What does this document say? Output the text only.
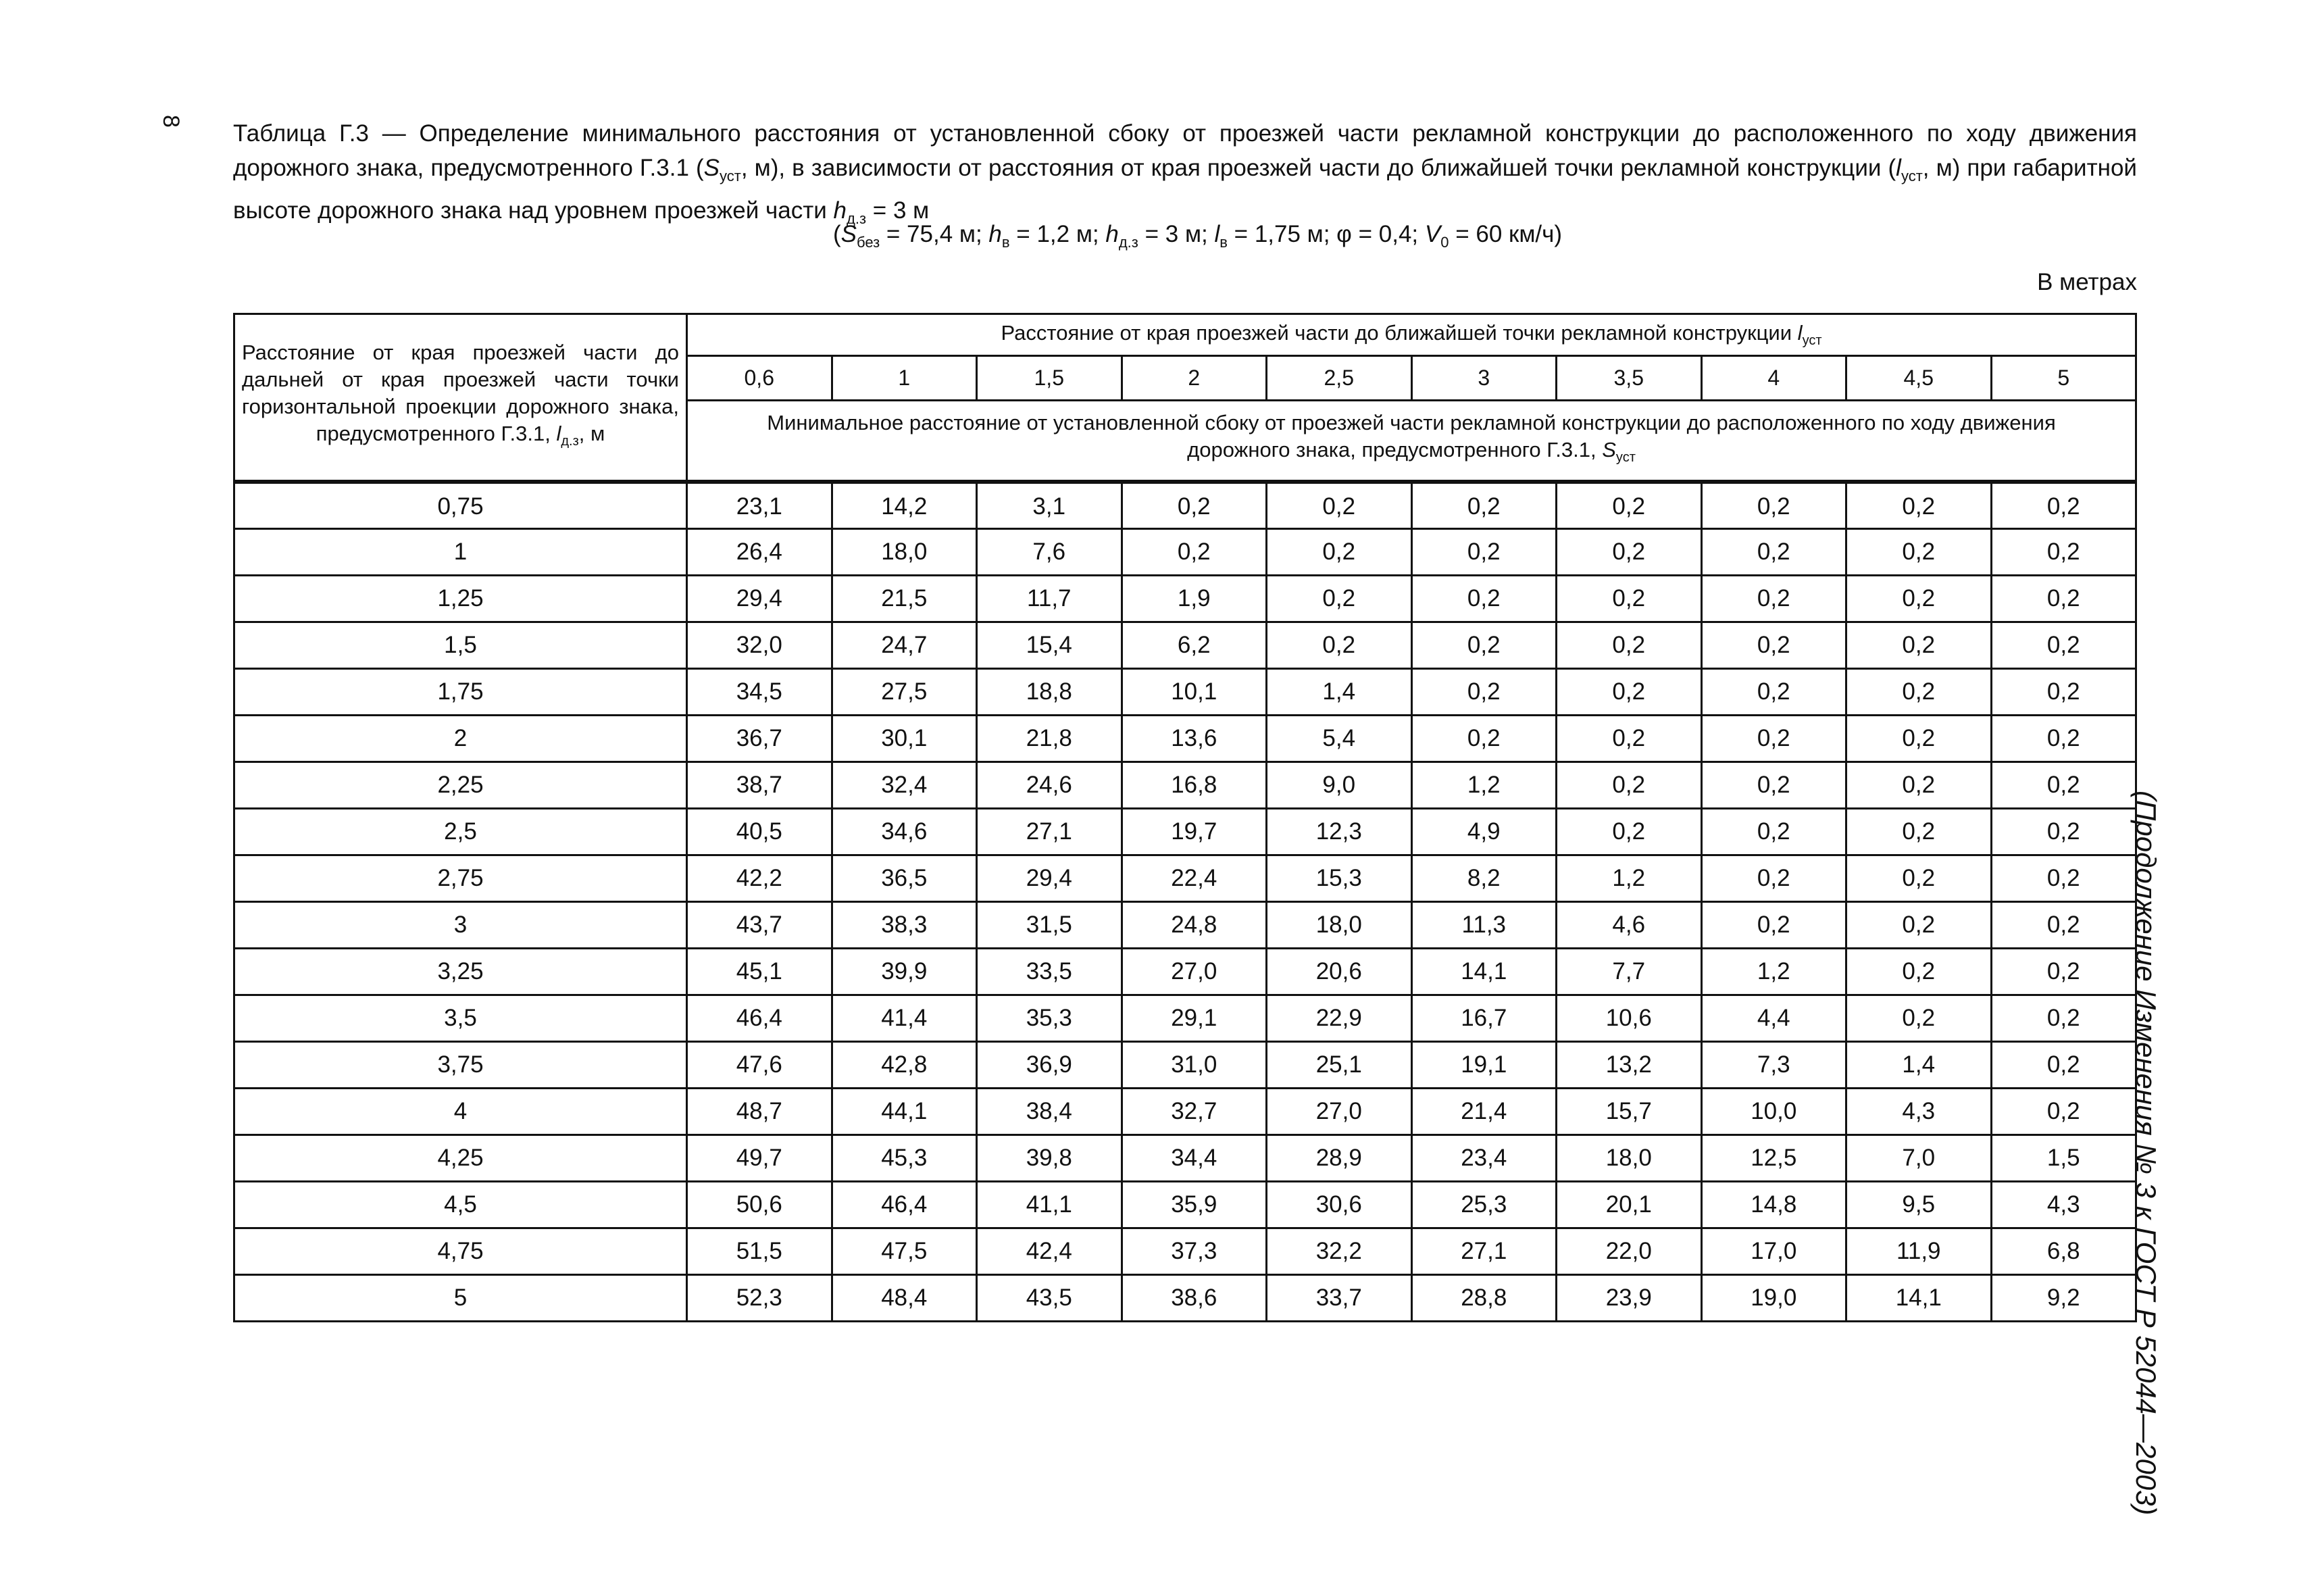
8 Таблица Г.3 — Определение минимального расстояния от установленной сбоку от проезжей части рекламной конструкции до расположенного по ходу движения дорожного знака, предусмотренного Г.3.1 ($S_{уст}$, м), в зависимости от расстояния от края проезжей части до ближайшей точки рекламной конструкции ($l_{уст}$, м) при габаритной высоте дорожного знака над уровнем проезжей части $h_{д.з} = 3$ м
($S_{без} = 75,4$ м; $h_в = 1,2$ м; $h_{д.з} = 3$ м; $l_в = 1,75$ м; φ = 0,4; $V_0 = 60$ км/ч)
В метрах
Расстояние от края проезжей части до дальней от края проезжей части точки горизонтальной проекции дорожного знака, предусмотренного Г.3.1, $l_{д.з}$, м	Расстояние от края проезжей части до ближайшей точки рекламной конструкции $l_{уст}$
	0,6	1	1,5	2	2,5	3	3,5	4	4,5	5
	Минимальное расстояние от установленной сбоку от проезжей части рекламной конструкции до расположенного по ходу движения дорожного знака, предусмотренного Г.3.1, $S_{уст}$
0,75	23,1	14,2	3,1	0,2	0,2	0,2	0,2	0,2	0,2	0,2
1	26,4	18,0	7,6	0,2	0,2	0,2	0,2	0,2	0,2	0,2
1,25	29,4	21,5	11,7	1,9	0,2	0,2	0,2	0,2	0,2	0,2
1,5	32,0	24,7	15,4	6,2	0,2	0,2	0,2	0,2	0,2	0,2
1,75	34,5	27,5	18,8	10,1	1,4	0,2	0,2	0,2	0,2	0,2
2	36,7	30,1	21,8	13,6	5,4	0,2	0,2	0,2	0,2	0,2
2,25	38,7	32,4	24,6	16,8	9,0	1,2	0,2	0,2	0,2	0,2
2,5	40,5	34,6	27,1	19,7	12,3	4,9	0,2	0,2	0,2	0,2
2,75	42,2	36,5	29,4	22,4	15,3	8,2	1,2	0,2	0,2	0,2
3	43,7	38,3	31,5	24,8	18,0	11,3	4,6	0,2	0,2	0,2
3,25	45,1	39,9	33,5	27,0	20,6	14,1	7,7	1,2	0,2	0,2
3,5	46,4	41,4	35,3	29,1	22,9	16,7	10,6	4,4	0,2	0,2
3,75	47,6	42,8	36,9	31,0	25,1	19,1	13,2	7,3	1,4	0,2
4	48,7	44,1	38,4	32,7	27,0	21,4	15,7	10,0	4,3	0,2
4,25	49,7	45,3	39,8	34,4	28,9	23,4	18,0	12,5	7,0	1,5
4,5	50,6	46,4	41,1	35,9	30,6	25,3	20,1	14,8	9,5	4,3
4,75	51,5	47,5	42,4	37,3	32,2	27,1	22,0	17,0	11,9	6,8
5	52,3	48,4	43,5	38,6	33,7	28,8	23,9	19,0	14,1	9,2	(Продолжение Изменения № 3 к ГОСТ Р 52044—2003)
